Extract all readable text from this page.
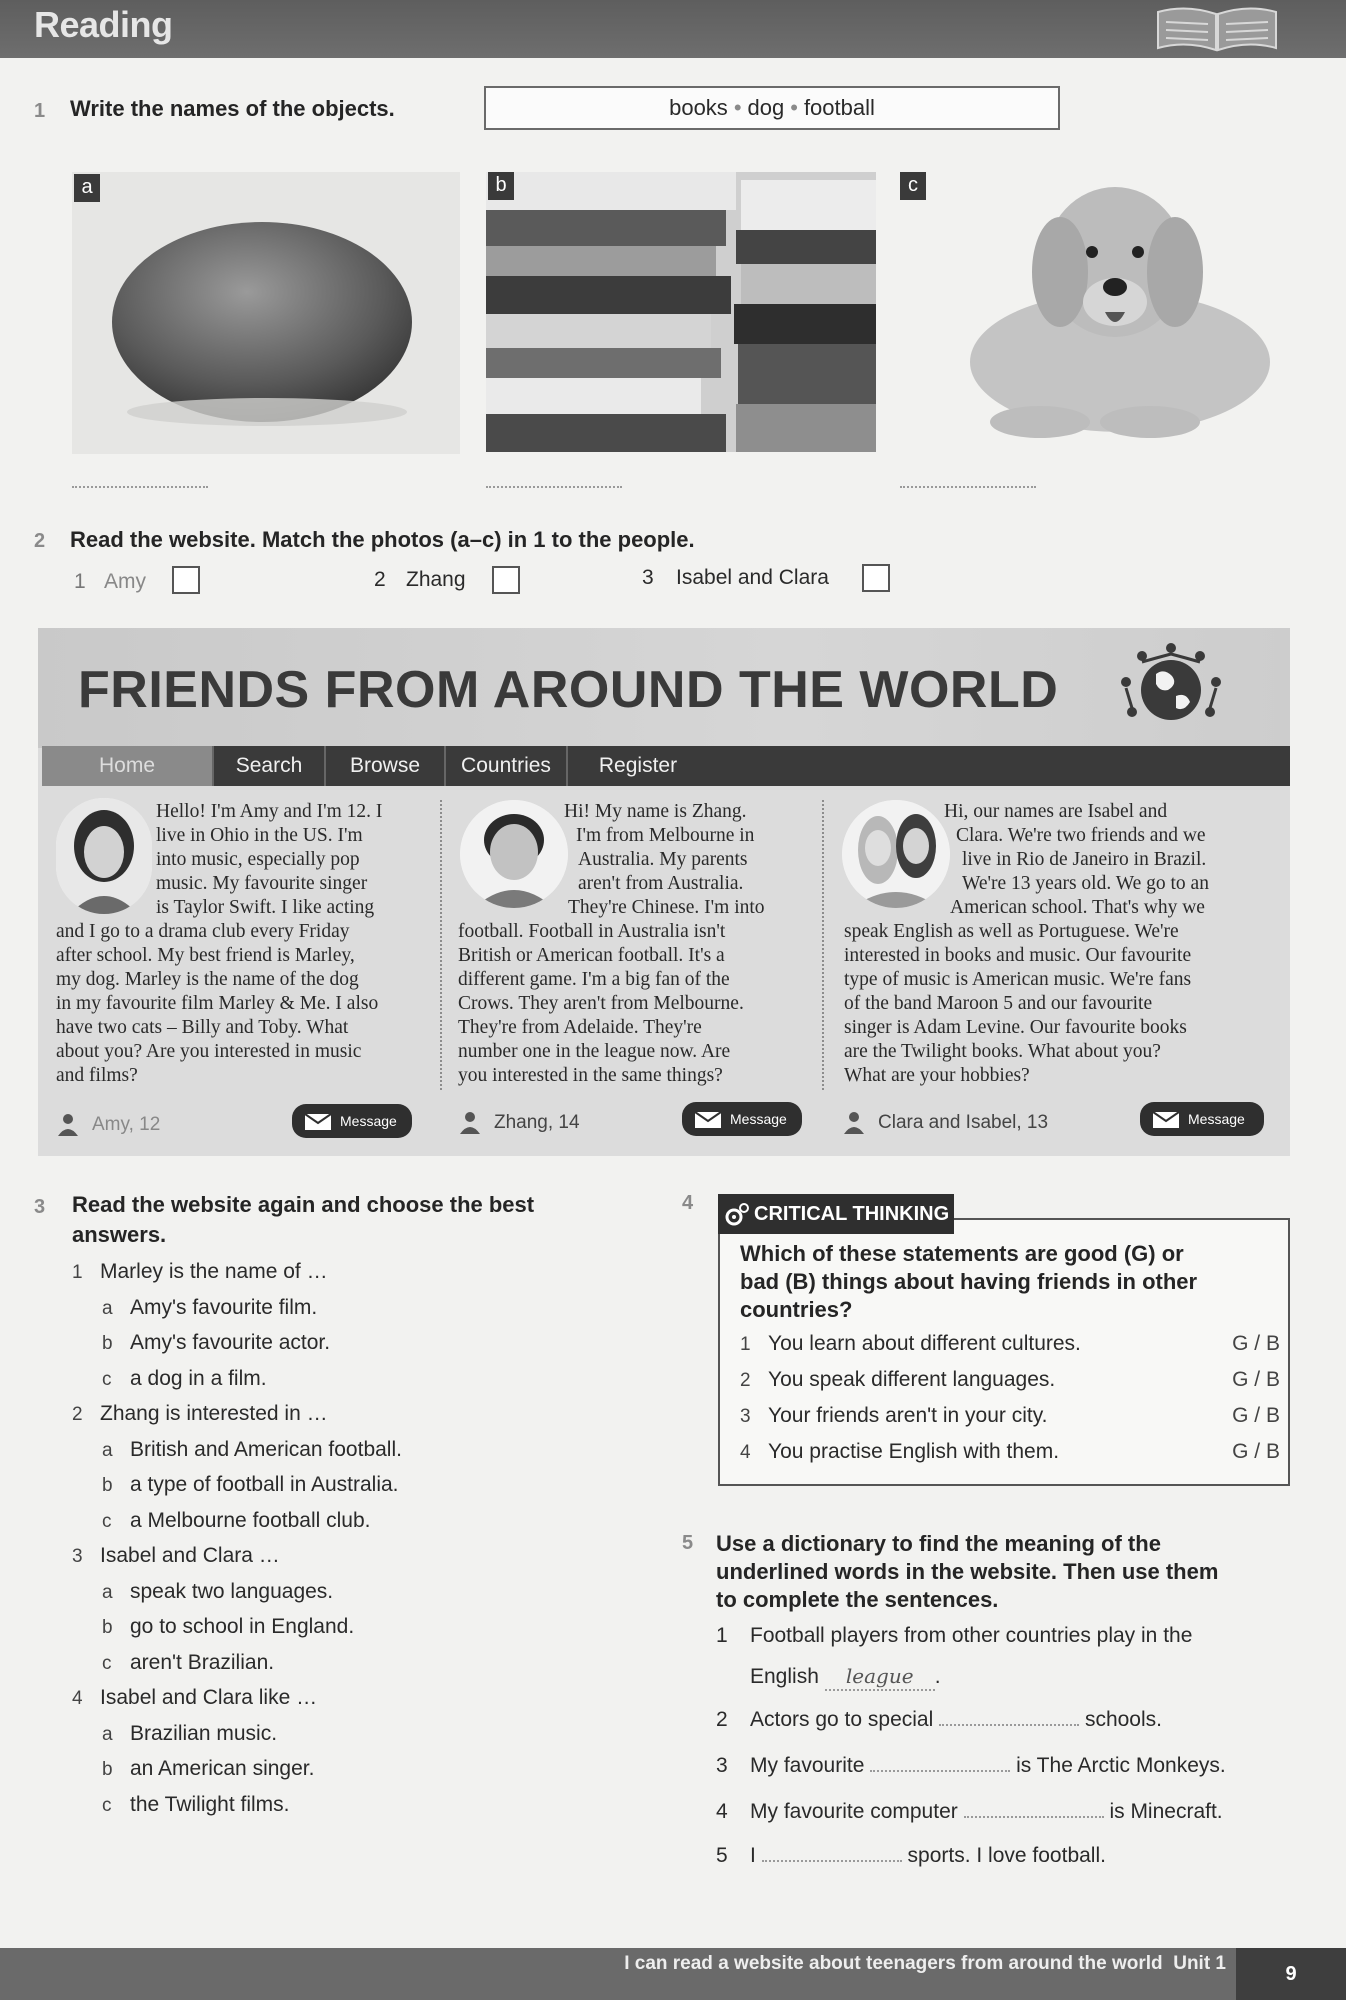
Reading
1 Write the names of the objects.	books • dog • football
a	b	c
2 Read the website. Match the photos (a–c) in 1 to the people.
1 Amy	2 Zhang	3 Isabel and Clara
FRIENDS FROM AROUND THE WORLD
Home	Search	Browse	Countries	Register
Hello! I'm Amy and I'm 12. I
live in Ohio in the US. I'm
into music, especially pop
music. My favourite singer
is Taylor Swift. I like acting
and I go to a drama club every Friday
after school. My best friend is Marley,
my dog. Marley is the name of the dog
in my favourite film Marley & Me. I also
have two cats – Billy and Toby. What
about you? Are you interested in music
and films?
Amy, 12	Message
Hi! My name is Zhang.
I'm from Melbourne in
Australia. My parents
aren't from Australia.
They're Chinese. I'm into
football. Football in Australia isn't
British or American football. It's a
different game. I'm a big fan of the
Crows. They aren't from Melbourne.
They're from Adelaide. They're
number one in the league now. Are
you interested in the same things?
Zhang, 14	Message
Hi, our names are Isabel and
Clara. We're two friends and we
live in Rio de Janeiro in Brazil.
We're 13 years old. We go to an
American school. That's why we
speak English as well as Portuguese. We're
interested in books and music. Our favourite
type of music is American music. We're fans
of the band Maroon 5 and our favourite
singer is Adam Levine. Our favourite books
are the Twilight books. What about you?
What are your hobbies?
Clara and Isabel, 13	Message
3 Read the website again and choose the best
answers.
1 Marley is the name of …
a Amy's favourite film.
b Amy's favourite actor.
c a dog in a film.
2 Zhang is interested in …
a British and American football.
b a type of football in Australia.
c a Melbourne football club.
3 Isabel and Clara …
a speak two languages.
b go to school in England.
c aren't Brazilian.
4 Isabel and Clara like …
a Brazilian music.
b an American singer.
c the Twilight films.
4	CRITICAL THINKING
Which of these statements are good (G) or
bad (B) things about having friends in other
countries?
1 You learn about different cultures.	G / B
2 You speak different languages.	G / B
3 Your friends aren't in your city.	G / B
4 You practise English with them.	G / B
5 Use a dictionary to find the meaning of the
underlined words in the website. Then use them
to complete the sentences.
1 Football players from other countries play in the
English league .
2 Actors go to special	schools.
3 My favourite	is The Arctic Monkeys.
4 My favourite computer	is Minecraft.
5 I	sports. I love football.
I can read a website about teenagers from around the world Unit 1	9
